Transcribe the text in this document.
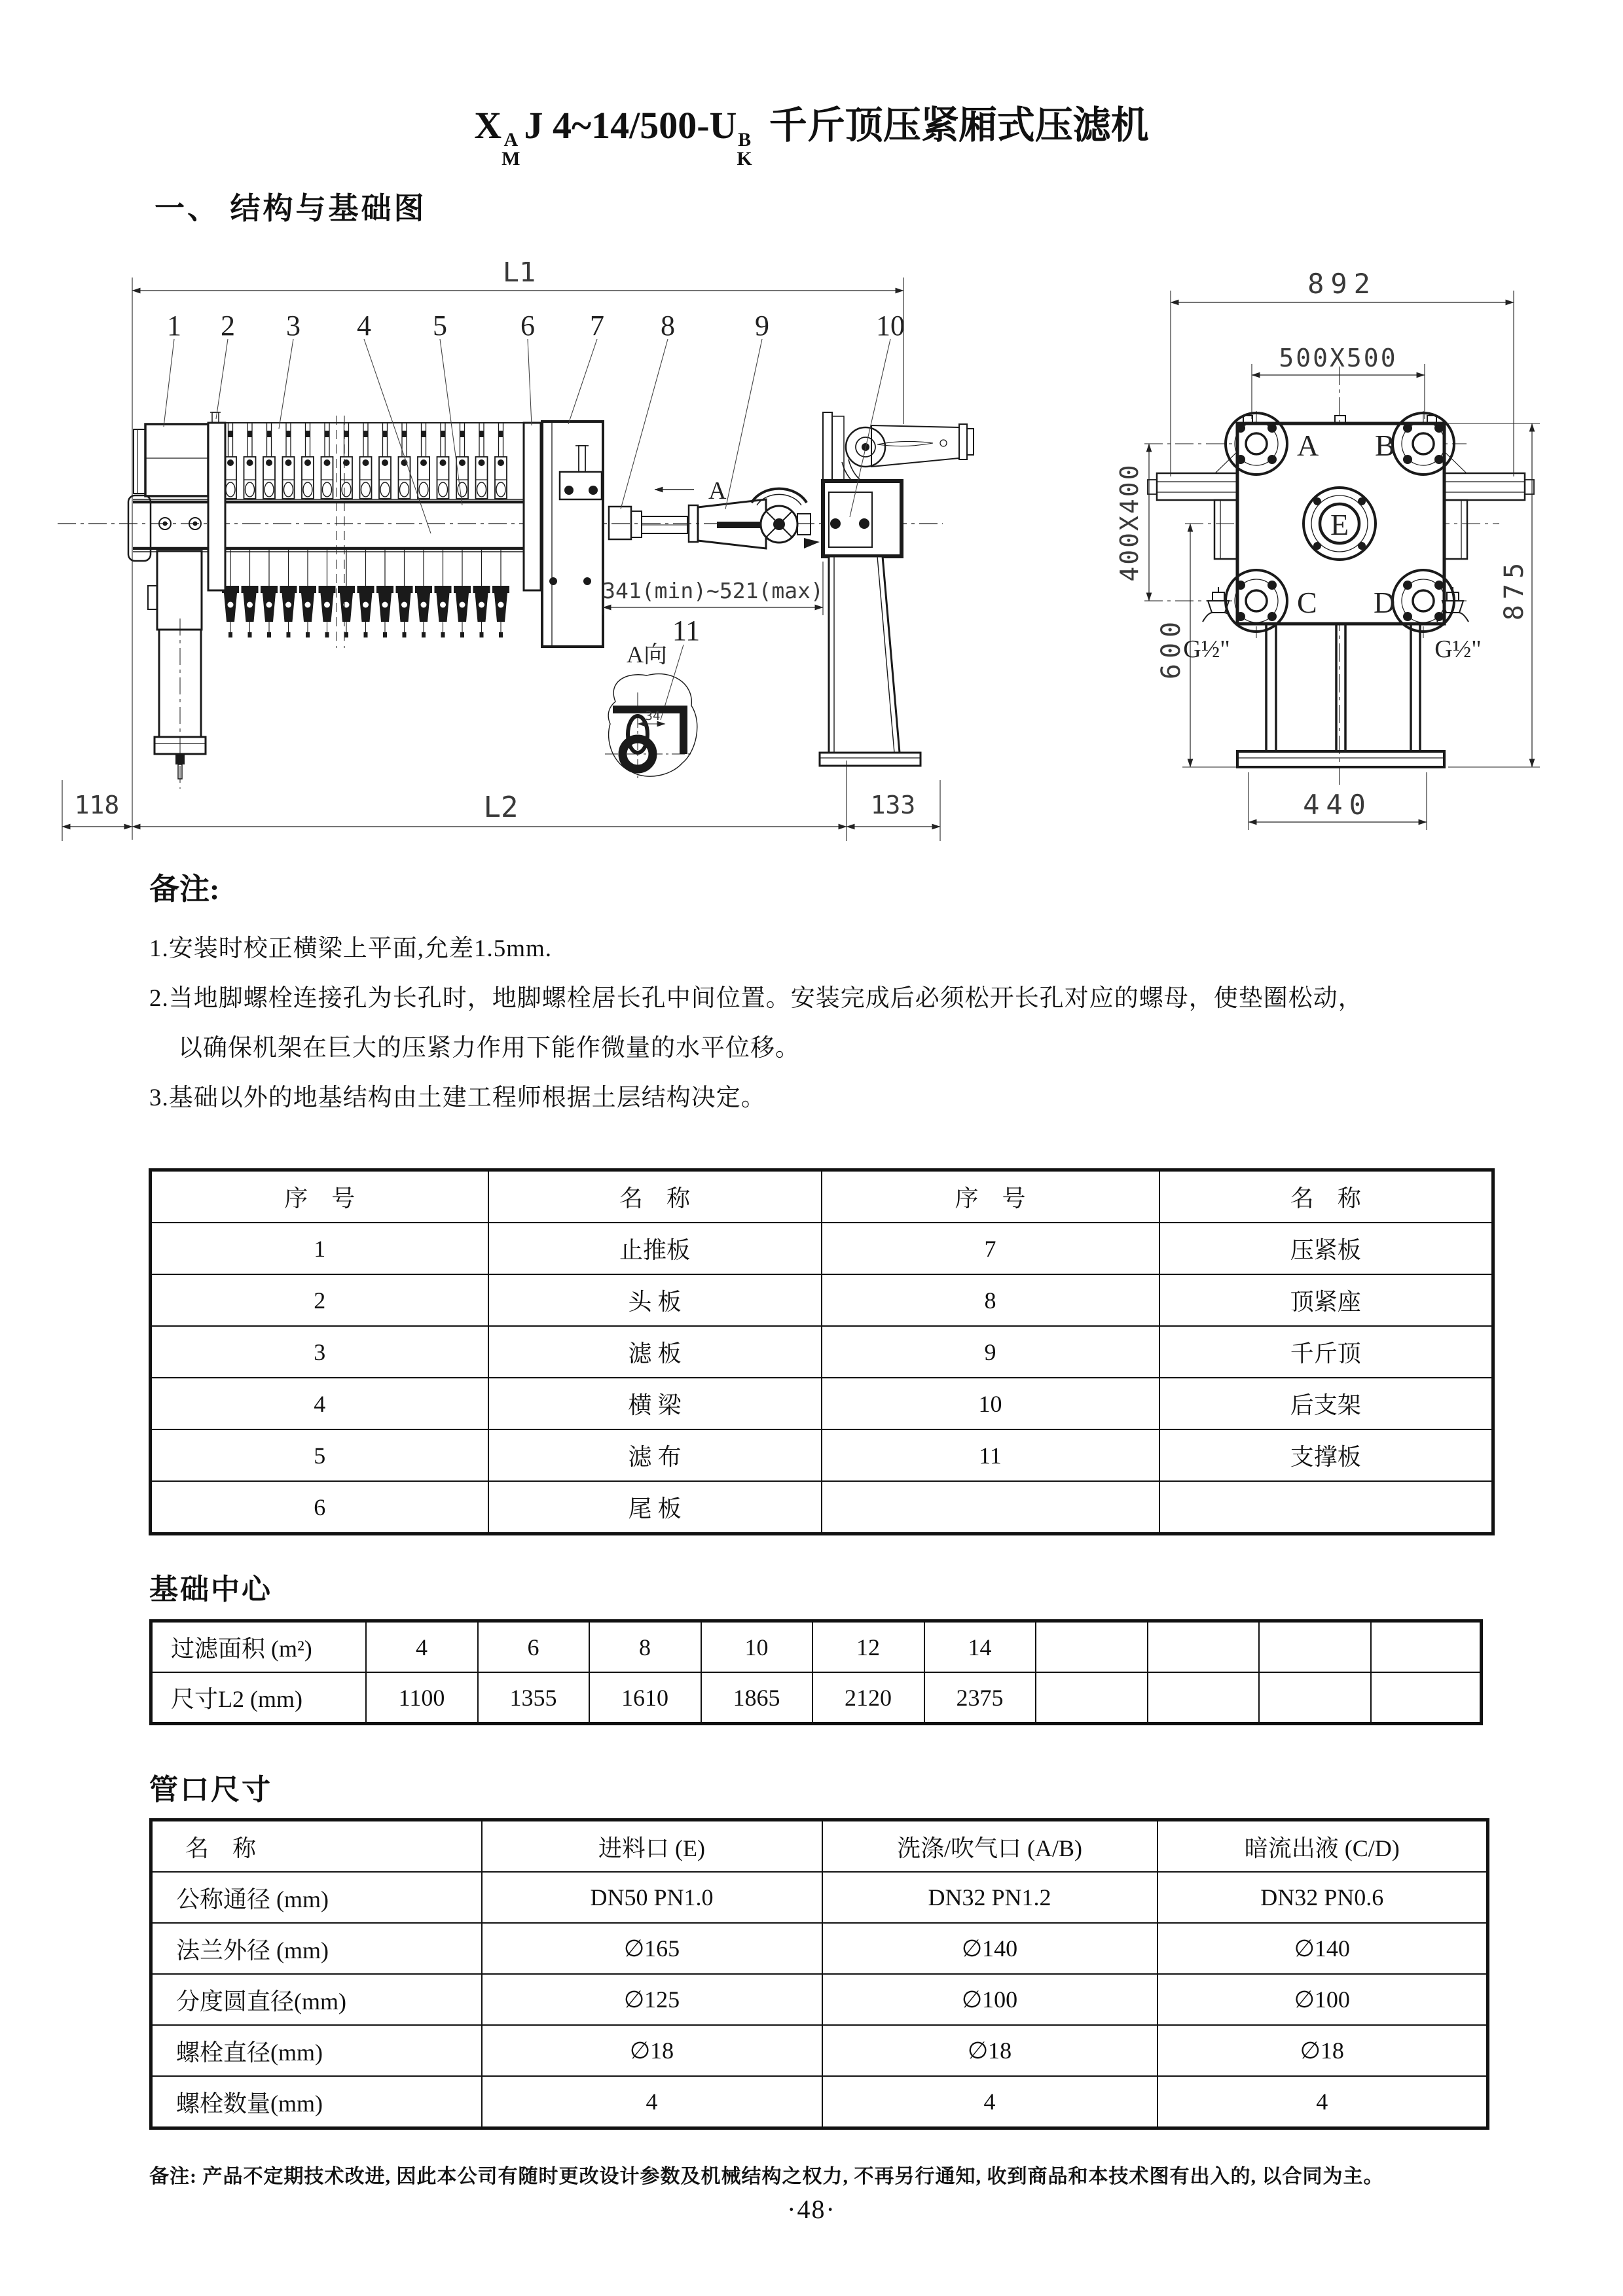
X A
M
J 4~14/500-U B
K
千斤顶压紧厢式压滤机
一、 结构与基础图
L1
341(min)~521(max)
118	L2	133
A
1 2 3 4 5	6 7 8	9	10
11
34
A向
892
500X500
400X400
600
875
440
A B
C D
E
G½"	G½"
备注:
1.安装时校正横梁上平面,允差1.5mm.
2.当地脚螺栓连接孔为长孔时，地脚螺栓居长孔中间位置。安装完成后必须松开长孔对应的螺母，使垫圈松动，
以确保机架在巨大的压紧力作用下能作微量的水平位移。
3.基础以外的地基结构由土建工程师根据土层结构决定。
序　号	名　称	序　号	名　称
1	止推板	7	压紧板
2	头 板	8	顶紧座
3	滤 板	9	千斤顶
4	横 梁	10	后支架
5	滤 布	11	支撑板
6	尾 板		
基础中心
过滤面积 (m²)	4	6	8	10	12	14				
尺寸L2 (mm)	1100	1355	1610	1865	2120	2375				
管口尺寸
名　称	进料口 (E)	洗涤/吹气口 (A/B)	暗流出液 (C/D)
公称通径 (mm)	DN50 PN1.0	DN32 PN1.2	DN32 PN0.6
法兰外径 (mm)	∅165	∅140	∅140
分度圆直径(mm)	∅125	∅100	∅100
螺栓直径(mm)	∅18	∅18	∅18
螺栓数量(mm)	4	4	4
备注: 产品不定期技术改进, 因此本公司有随时更改设计参数及机械结构之权力, 不再另行通知, 收到商品和本技术图有出入的, 以合同为主。
·48·
